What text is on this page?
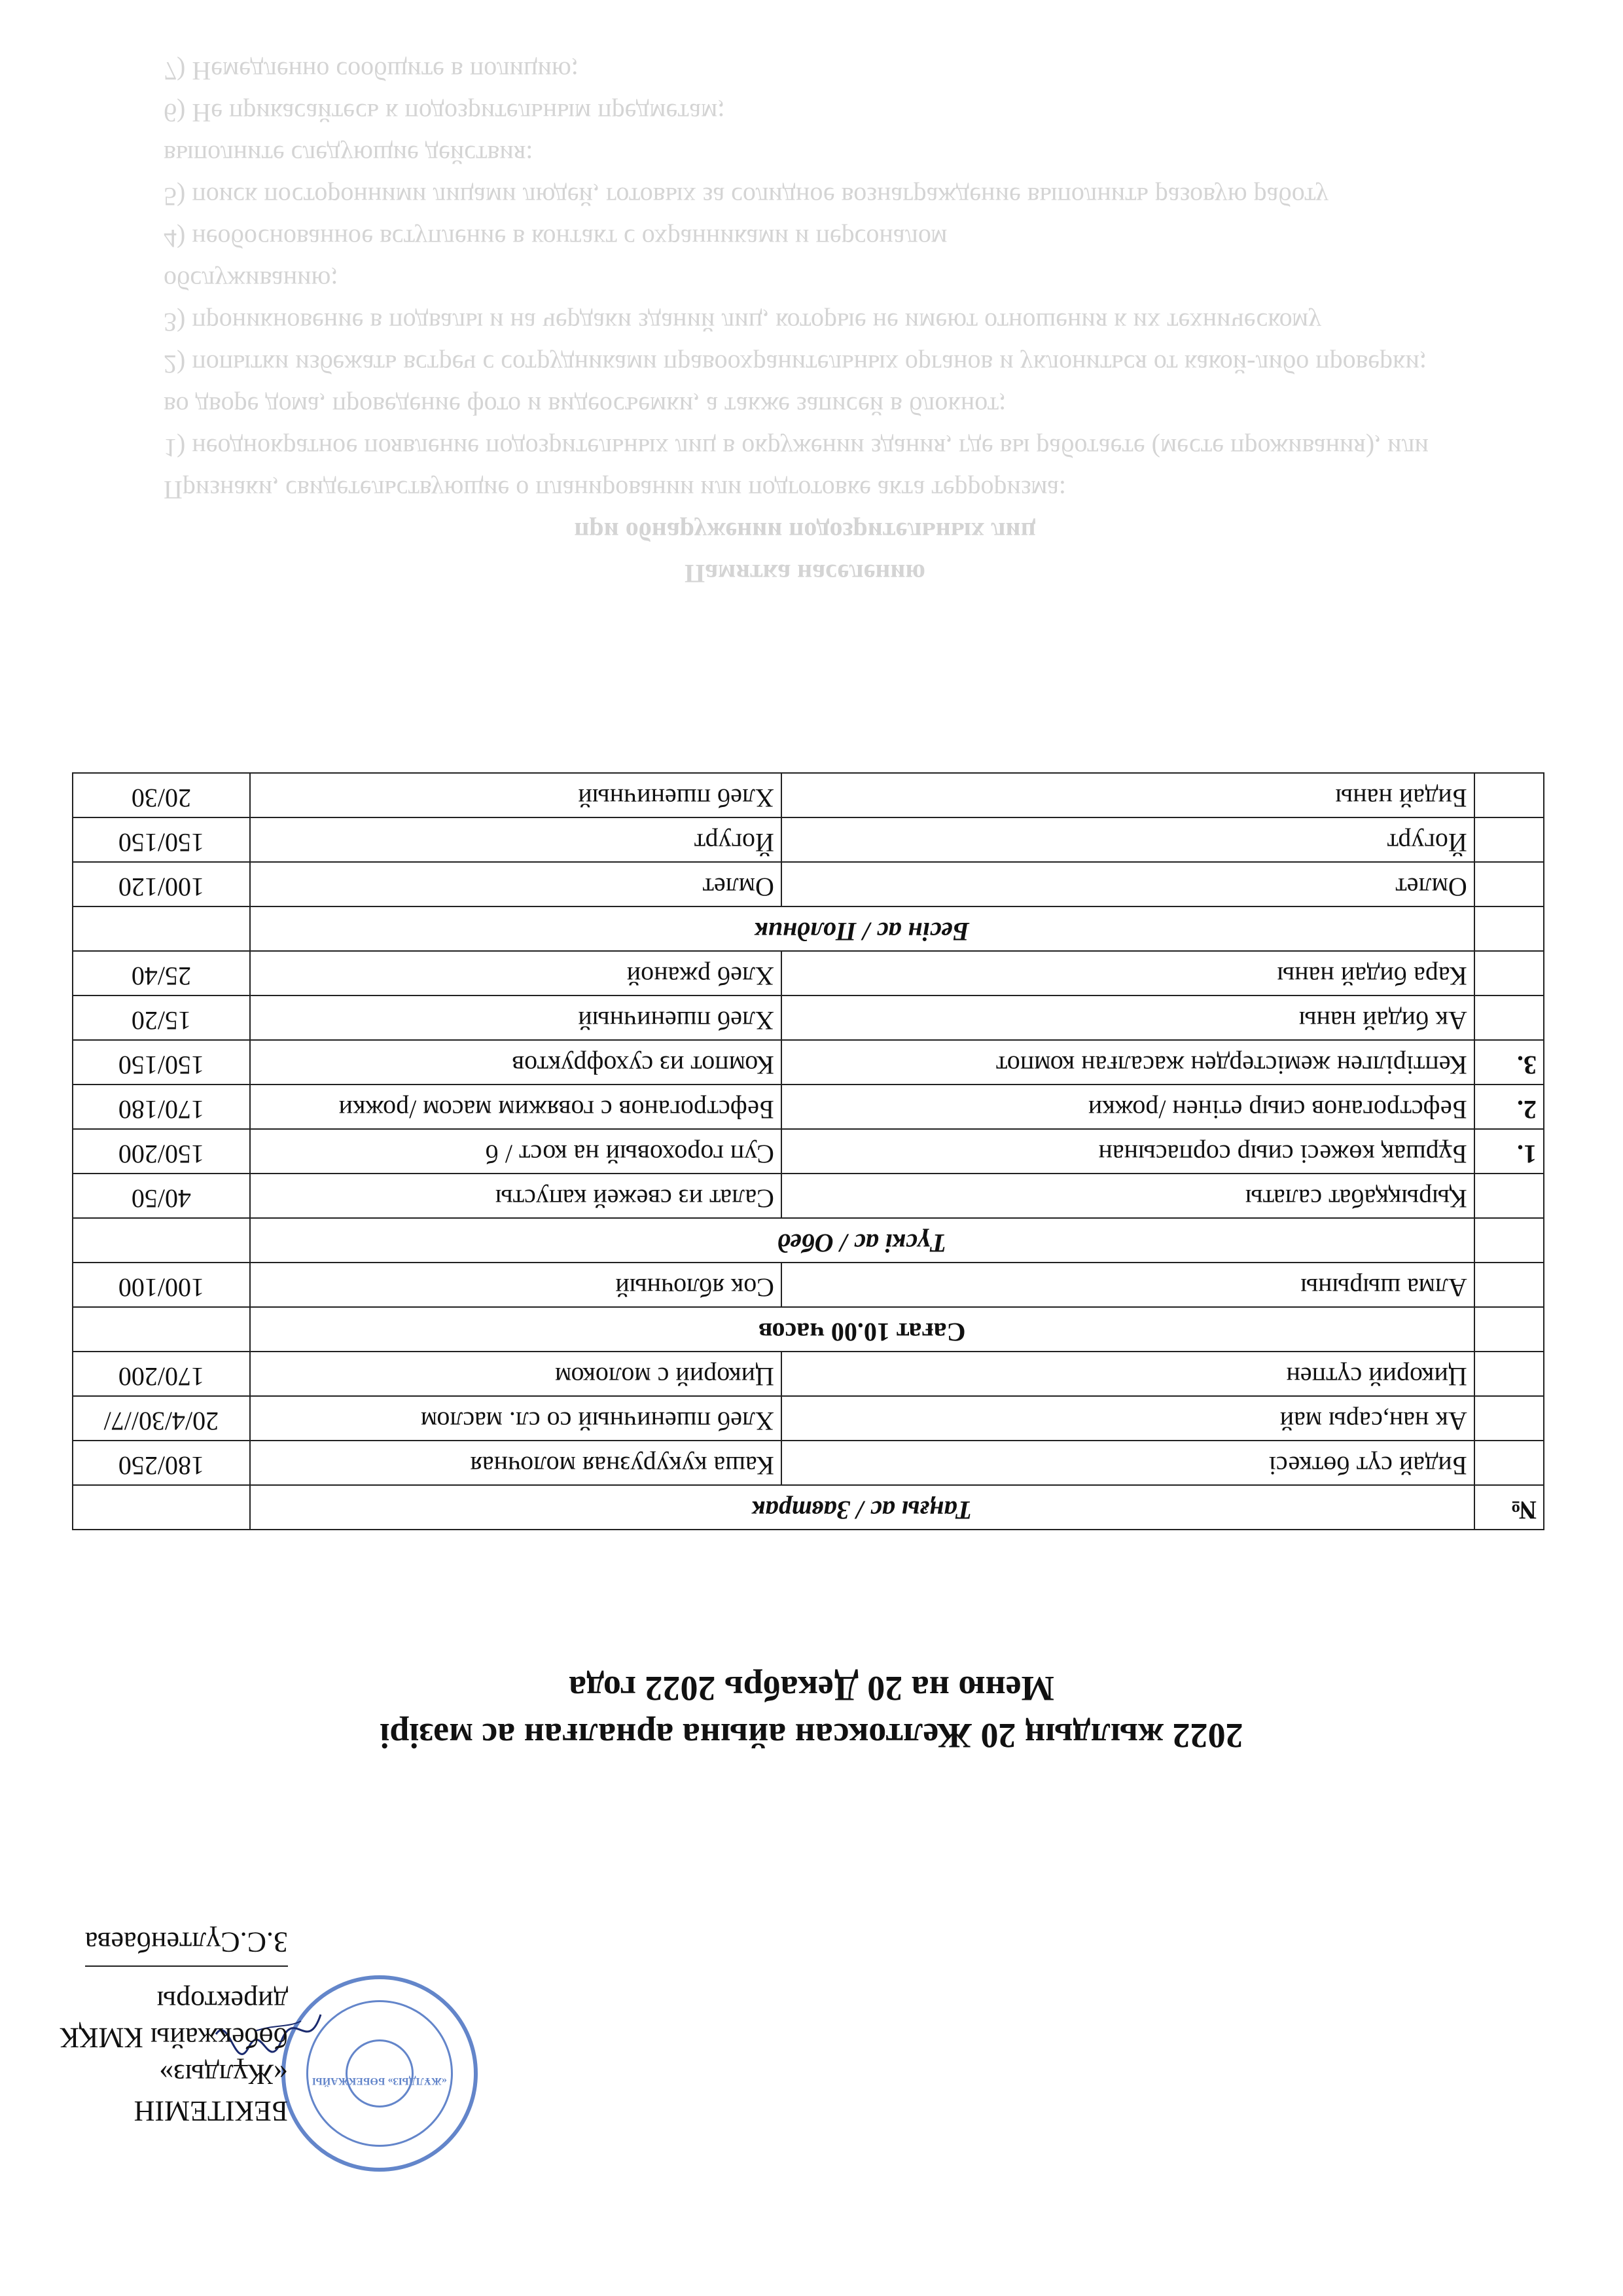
Памятка населению
при обнаружении подозрительных лиц
Признаки, свидетельствующие о планировании или подготовке акта терроризма:
1) неоднократное появление подозрительных лиц в окружении здания, где вы работаете (месте проживания), или во дворе дома, проведение фото и видеосъемки, а также записей в блокнот;
2) попытки избежать встреч с сотрудниками правоохранительных органов и уклониться от какой-либо проверки;
3) проникновение в подвалы и на чердаки зданий лиц, которые не имеют отношения к их техническому обслуживанию;
4) необоснованное вступление в контакт с охранниками и персоналом
5) поиск посторонними лицами людей, готовых за солидное вознаграждение выполнить разовую работу
выполните следующие действия:
6) Не прикасайтесь к подозрительным предметам;
7) Немедленно сообщите в полицию;
«ЖҰЛДЫЗ» БӨБЕКЖАЙЫ
БЕКІТЕМІН
«Жұлдыз» бөбекжайы КМҚК
директоры
З.С.Сүлтенбаева
2022 жылдың 20 Желтоксан айына арналған ас мәзірі
Меню на 20 Декабрь 2022 года
№	Таңғы ас / Завтрак		
	Бидай сүт бөткесі	Каша кукурузная молочная	180/250
	Ак нан,сары май	Хлеб пшеничный со сл. маслом	20/4/30//7/
	Цикорий сүтпен	Цикорий с молоком	170/200
	Сағат 10.00 часов		
	Алма шырыны	Сок яблочный	100/100
	Түскі ас / Обед		
	Қырыққабат салаты	Салат из свежей капусты	40/50
1.	Бұршақ көжесі сиыр сорпасынан	Суп гороховый на кост / б	150/200
2.	Бефстроганов сиыр етінен /рожки	Бефстроганов с говяжим масом /рожки	170/180
3.	Кептірілген жемістерден жасалған компот	Компот из сухофруктов	150/150
	Ак бидай наны	Хлеб пшеничный	15/20
	Кара бидай наны	Хлеб ржаной	25/40
	Бесін ас / Полдник		
	Омлет	Омлет	100/120
	Йогурт	Йогурт	150/150
	Бидай наны	Хлеб пшеничный	20/30
